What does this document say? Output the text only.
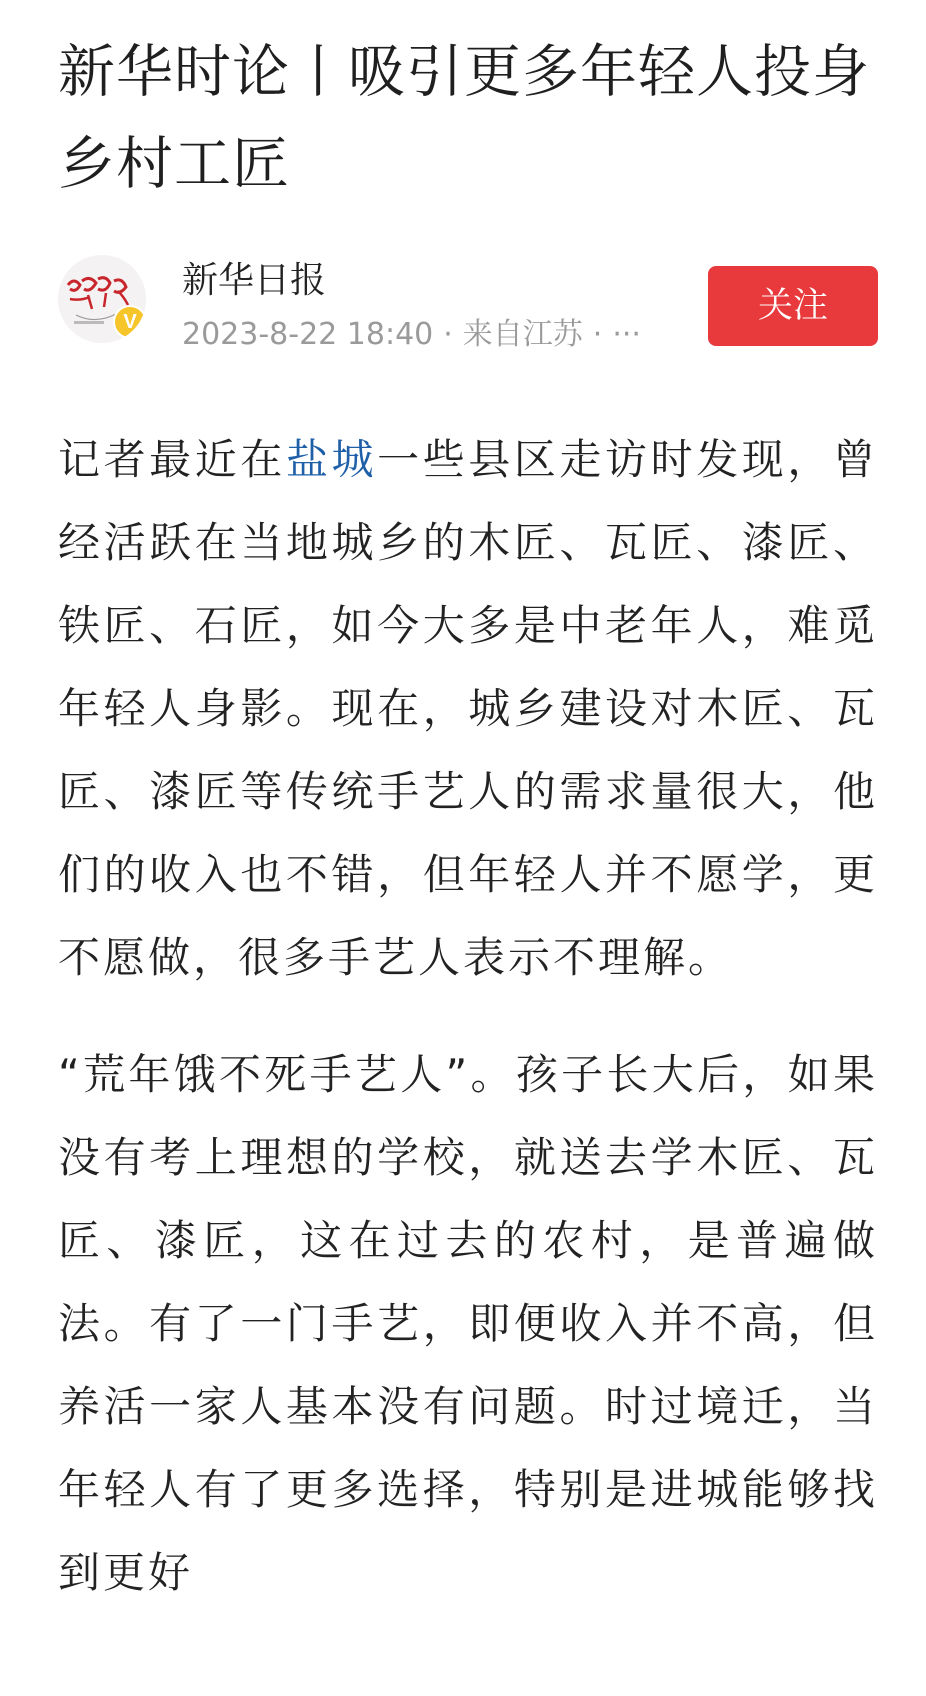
新华时论丨吸引更多年轻人投身乡村工匠
V
新华日报
2023-8-22 18:40 · 来自江苏 · ···
关注

记者最近在盐城一些县区走访时发现，曾经活跃在当地城乡的木匠、瓦匠、漆匠、铁匠、石匠，如今大多是中老年人，难觅年轻人身影。现在，城乡建设对木匠、瓦匠、漆匠等传统手艺人的需求量很大，他们的收入也不错，但年轻人并不愿学，更不愿做，很多手艺人表示不理解。

“荒年饿不死手艺人”。孩子长大后，如果没有考上理想的学校，就送去学木匠、瓦匠、漆匠，这在过去的农村，是普遍做法。有了一门手艺，即便收入并不高，但养活一家人基本没有问题。时过境迁，当年轻人有了更多选择，特别是进城能够找到更好
